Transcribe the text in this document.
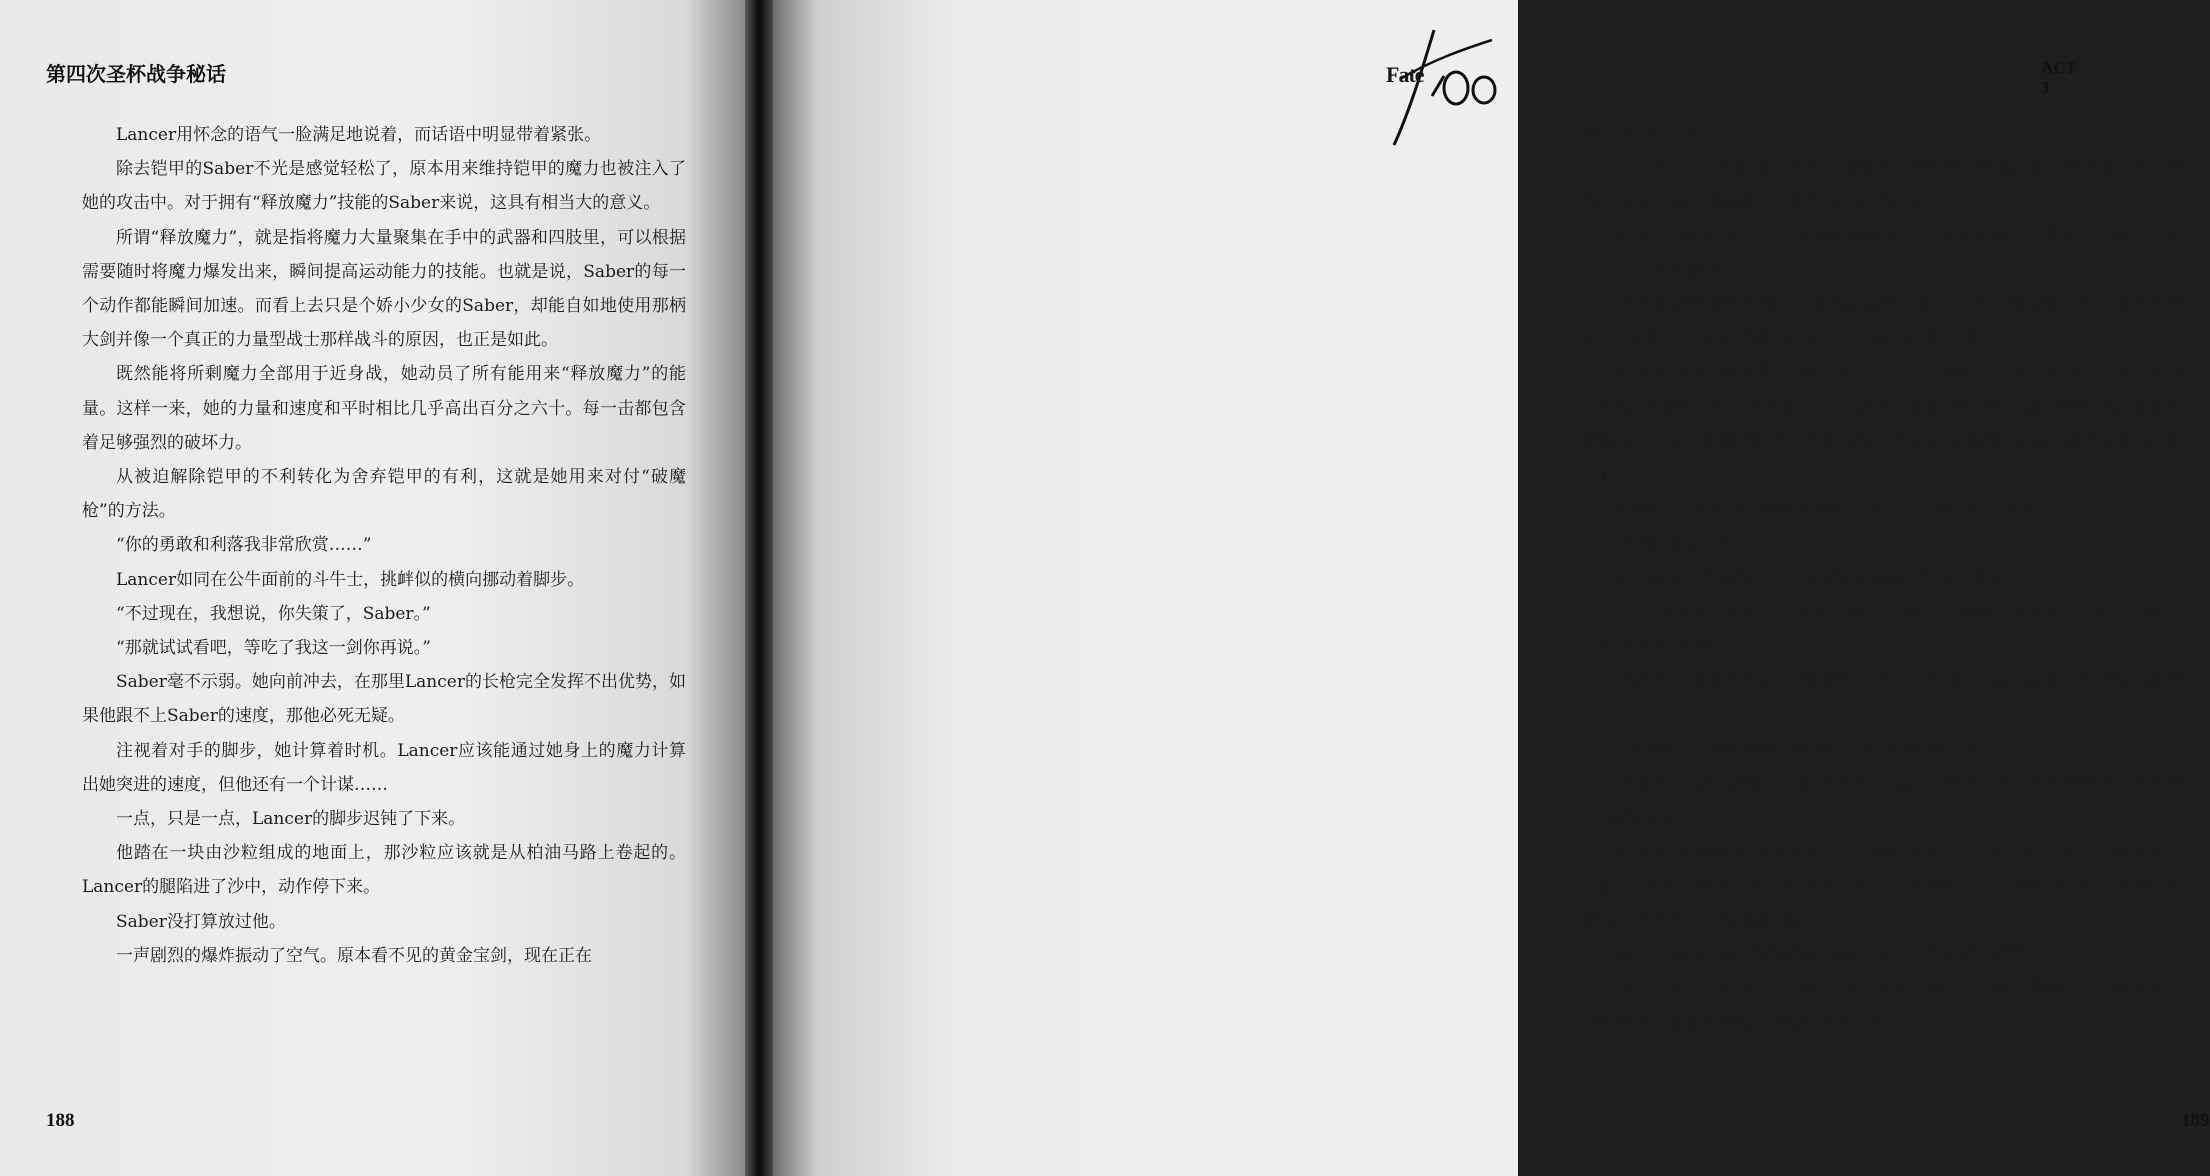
第四次圣杯战争秘话

Lancer用怀念的语气一脸满足地说着，而话语中明显带着紧张。

除去铠甲的Saber不光是感觉轻松了，原本用来维持铠甲的魔力也被注入了她的攻击中。对于拥有“释放魔力”技能的Saber来说，这具有相当大的意义。

所谓“释放魔力”，就是指将魔力大量聚集在手中的武器和四肢里，可以根据需要随时将魔力爆发出来，瞬间提高运动能力的技能。也就是说，Saber的每一个动作都能瞬间加速。而看上去只是个娇小少女的Saber，却能自如地使用那柄大剑并像一个真正的力量型战士那样战斗的原因，也正是如此。

既然能将所剩魔力全部用于近身战，她动员了所有能用来“释放魔力”的能量。这样一来，她的力量和速度和平时相比几乎高出百分之六十。每一击都包含着足够强烈的破坏力。

从被迫解除铠甲的不利转化为舍弃铠甲的有利，这就是她用来对付“破魔枪”的方法。

“你的勇敢和利落我非常欣赏……”

Lancer如同在公牛面前的斗牛士，挑衅似的横向挪动着脚步。

“不过现在，我想说，你失策了，Saber。”

“那就试试看吧，等吃了我这一剑你再说。”

Saber毫不示弱。她向前冲去，在那里Lancer的长枪完全发挥不出优势，如果他跟不上Saber的速度，那他必死无疑。

注视着对手的脚步，她计算着时机。Lancer应该能通过她身上的魔力计算出她突进的速度，但他还有一个计谋……

一点，只是一点，Lancer的脚步迟钝了下来。

他踏在一块由沙粒组成的地面上，那沙粒应该就是从柏油马路上卷起的。Lancer的腿陷进了沙中，动作停下来。

Saber没打算放过他。

一声剧烈的爆炸振动了空气。原本看不见的黄金宝剑，现在正在

188
ACT 3

夜空中闪闪发光。

这是“风王结界”的第二作用。在解开结界的那一瞬间，风会像武器一般无情地向敌人攻去，但这也是只能使用一次的攻击方法。

而这次Saber将它作为秘密武器使用。之前狠狠地挥动着剑，只是为了突击，为了能够加速。

从黄金剑里解放出的空气在Saber背后推动着她。因为使用全身的力量进行“释放魔力”，她的身体已经化为了一颗超音速炮弹。

而这时Saber的速度，达到了通常的三倍。现在想后悔已经来不及了，即使Lancer会使Saber身负重伤，她也做好了在那一瞬间取其性命的准备。超过音波数倍的高速突进使周围大气壁被打破，冲击波将周围的瓦砾与树叶吹散的无影无踪。

Lancer没有反应。他仿佛放弃了迎击，红色的枪一动不动。

但他的腿动了起来。

在高度集中的意识中，比刹那更短的时间却被无限延长了。

这时Saber发现了。Lancer的破绽是他装出来的，他并非无意陷入沙坑，而是故意踩进去的。

也就是，能带给Lancer胜利的位置——那里是Lancer顺手扔开短枪的地方。

“你失策了。”她的脑海里浮现了Lancer刚说的话。

她看到了Lancer胜券在握的笑容。“这是你的失误”，从他的眼里，她看到了这样的话语。

Lancer用腿踢起脚下的沙子，然而飞上了空中的不是沙子，而是刚才Lancer扔掉的短枪。那刀刃正对着Saber飞来的方向。短枪身上的符咒也已被解开，符咒下显出金黄色的枪身。

此刻，Saber天生敏锐的第六感，清楚地告诉她，她错了。

她不应该以为枪就应是双手武器，这原本就是个陷阱。难道自己看到他双手各自挥着一把枪的时候，就没有点警觉吗？

189
Fate
